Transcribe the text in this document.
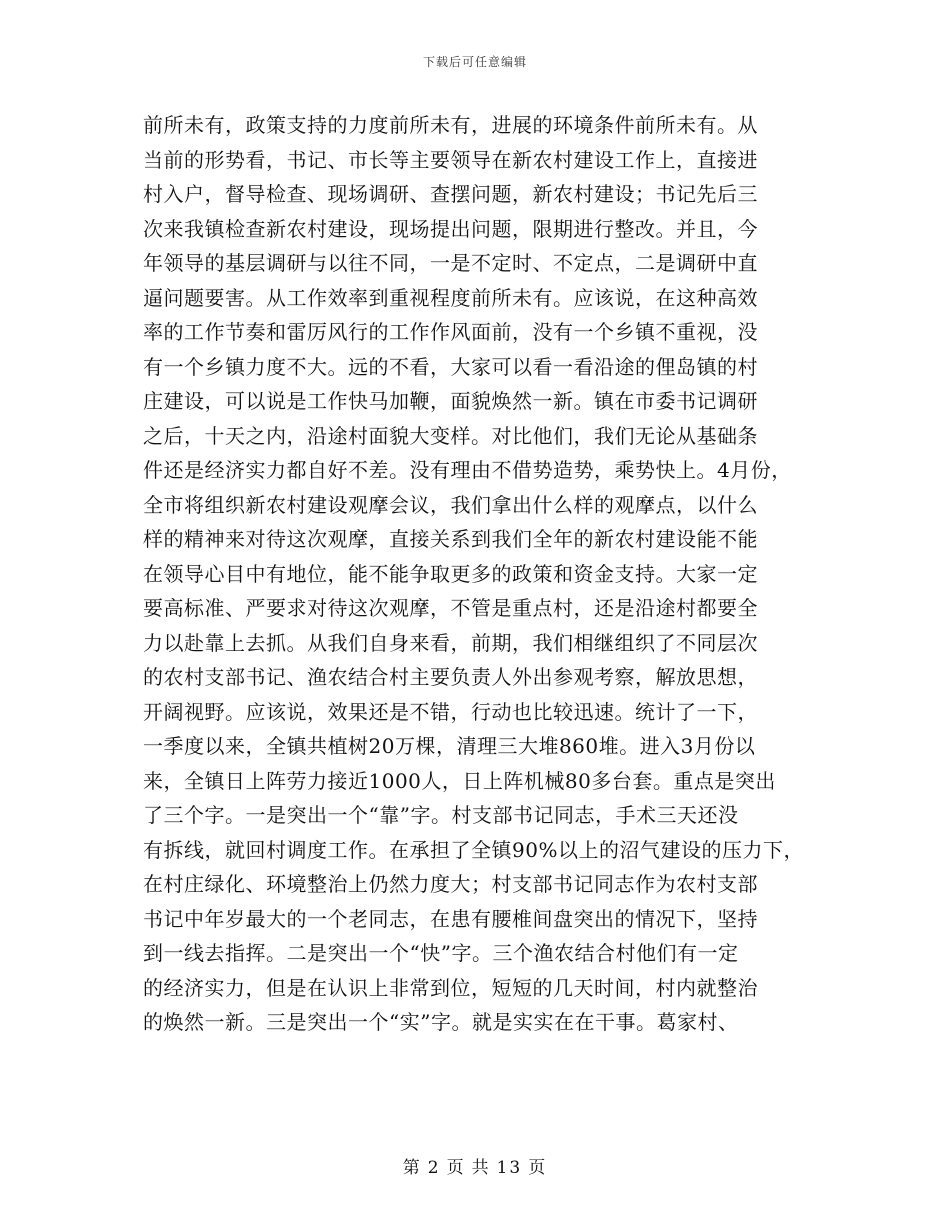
下载后可任意编辑
前所未有，政策支持的力度前所未有，进展的环境条件前所未有。从
当前的形势看，书记、市长等主要领导在新农村建设工作上，直接进
村入户，督导检查、现场调研、查摆问题，新农村建设；书记先后三
次来我镇检查新农村建设，现场提出问题，限期进行整改。并且，今
年领导的基层调研与以往不同，一是不定时、不定点，二是调研中直
逼问题要害。从工作效率到重视程度前所未有。应该说，在这种高效
率的工作节奏和雷厉风行的工作作风面前，没有一个乡镇不重视，没
有一个乡镇力度不大。远的不看，大家可以看一看沿途的俚岛镇的村
庄建设，可以说是工作快马加鞭，面貌焕然一新。镇在市委书记调研
之后，十天之内，沿途村面貌大变样。对比他们，我们无论从基础条
件还是经济实力都自好不差。没有理由不借势造势，乘势快上。4月份，
全市将组织新农村建设观摩会议，我们拿出什么样的观摩点，以什么
样的精神来对待这次观摩，直接关系到我们全年的新农村建设能不能
在领导心目中有地位，能不能争取更多的政策和资金支持。大家一定
要高标准、严要求对待这次观摩，不管是重点村，还是沿途村都要全
力以赴靠上去抓。从我们自身来看，前期，我们相继组织了不同层次
的农村支部书记、渔农结合村主要负责人外出参观考察，解放思想，
开阔视野。应该说，效果还是不错，行动也比较迅速。统计了一下，
一季度以来，全镇共植树20万棵，清理三大堆860堆。进入3月份以
来，全镇日上阵劳力接近1000人，日上阵机械80多台套。重点是突出
了三个字。一是突出一个“靠”字。村支部书记同志，手术三天还没
有拆线，就回村调度工作。在承担了全镇90%以上的沼气建设的压力下，
在村庄绿化、环境整治上仍然力度大；村支部书记同志作为农村支部
书记中年岁最大的一个老同志，在患有腰椎间盘突出的情况下，坚持
到一线去指挥。二是突出一个“快”字。三个渔农结合村他们有一定
的经济实力，但是在认识上非常到位，短短的几天时间，村内就整治
的焕然一新。三是突出一个“实”字。就是实实在在干事。葛家村、
第 2 页 共 13 页
